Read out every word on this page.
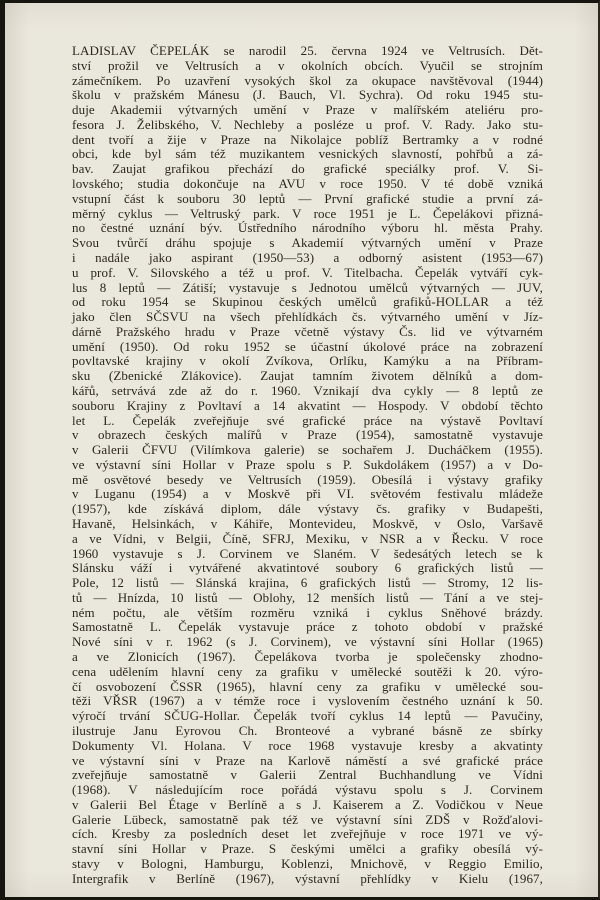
LADISLAV ČEPELÁK se narodil 25. června 1924 ve Veltrusích. Dět-
ství prožil ve Veltrusích a v okolních obcích. Vyučil se strojním
zámečníkem. Po uzavření vysokých škol za okupace navštěvoval (1944)
školu v pražském Mánesu (J. Bauch, Vl. Sychra). Od roku 1945 stu-
duje Akademii výtvarných umění v Praze v malířském ateliéru pro-
fesora J. Želibského, V. Nechleby a posléze u prof. V. Rady. Jako stu-
dent tvoří a žije v Praze na Nikolajce poblíž Bertramky a v rodné
obci, kde byl sám též muzikantem vesnických slavností, pohřbů a zá-
bav. Zaujat grafikou přechází do grafické speciálky prof. V. Si-
lovského; studia dokončuje na AVU v roce 1950. V té době vzniká
vstupní část k souboru 30 leptů — První grafické studie a první zá-
měrný cyklus — Veltruský park. V roce 1951 je L. Čepelákovi přizná-
no čestné uznání býv. Ústředního národního výboru hl. města Prahy.
Svou tvůrčí dráhu spojuje s Akademií výtvarných umění v Praze
i nadále jako aspirant (1950—53) a odborný asistent (1953—67)
u prof. V. Silovského a též u prof. V. Titelbacha. Čepelák vytváří cyk-
lus 8 leptů — Zátiší; vystavuje s Jednotou umělců výtvarných — JUV,
od roku 1954 se Skupinou českých umělců grafiků-HOLLAR a též
jako člen SČSVU na všech přehlídkách čs. výtvarného umění v Jíz-
dárně Pražského hradu v Praze včetně výstavy Čs. lid ve výtvarném
umění (1950). Od roku 1952 se účastní úkolové práce na zobrazení
povltavské krajiny v okolí Zvíkova, Orlíku, Kamýku a na Příbram-
sku (Zbenické Zlákovice). Zaujat tamním životem dělníků a dom-
kářů, setrvává zde až do r. 1960. Vznikají dva cykly — 8 leptů ze
souboru Krajiny z Povltaví a 14 akvatint — Hospody. V období těchto
let L. Čepelák zveřejňuje své grafické práce na výstavě Povltaví
v obrazech českých malířů v Praze (1954), samostatně vystavuje
v Galerii ČFVU (Vilímkova galerie) se sochařem J. Ducháčkem (1955).
ve výstavní síni Hollar v Praze spolu s P. Sukdolákem (1957) a v Do-
mě osvětové besedy ve Veltrusích (1959). Obesílá i výstavy grafiky
v Luganu (1954) a v Moskvě při VI. světovém festivalu mládeže
(1957), kde získává diplom, dále výstavy čs. grafiky v Budapešti,
Havaně, Helsinkách, v Káhiře, Montevideu, Moskvě, v Oslo, Varšavě
a ve Vídni, v Belgii, Číně, SFRJ, Mexiku, v NSR a v Řecku. V roce
1960 vystavuje s J. Corvinem ve Slaném. V šedesátých letech se k
Slánsku váží i vytvářené akvatintové soubory 6 grafických listů —
Pole, 12 listů — Slánská krajina, 6 grafických listů — Stromy, 12 lis-
tů — Hnízda, 10 listů — Oblohy, 12 menších listů — Tání a ve stej-
ném počtu, ale větším rozměru vzniká i cyklus Sněhové brázdy.
Samostatně L. Čepelák vystavuje práce z tohoto období v pražské
Nové síni v r. 1962 (s J. Corvinem), ve výstavní síni Hollar (1965)
a ve Zlonicích (1967). Čepelákova tvorba je společensky zhodno-
cena udělením hlavní ceny za grafiku v umělecké soutěži k 20. výro-
čí osvobození ČSSR (1965), hlavní ceny za grafiku v umělecké sou-
těži VŘSR (1967) a v témže roce i vyslovením čestného uznání k 50.
výročí trvání SČUG-Hollar. Čepelák tvoří cyklus 14 leptů — Pavučiny,
ilustruje Janu Eyrovou Ch. Bronteové a vybrané básně ze sbírky
Dokumenty Vl. Holana. V roce 1968 vystavuje kresby a akvatinty
ve výstavní síni v Praze na Karlově náměstí a své grafické práce
zveřejňuje samostatně v Galerii Zentral Buchhandlung ve Vídni
(1968). V následujícím roce pořádá výstavu spolu s J. Corvinem
v Galerii Bel Étage v Berlíně a s J. Kaiserem a Z. Vodičkou v Neue
Galerie Lübeck, samostatně pak též ve výstavní síni ZDŠ v Rožďalovi-
cích. Kresby za posledních deset let zveřejňuje v roce 1971 ve vý-
stavní síni Hollar v Praze. S českými umělci a grafiky obesílá vý-
stavy v Bologni, Hamburgu, Koblenzi, Mnichově, v Reggio Emilio,
Intergrafik v Berlíně (1967), výstavní přehlídky v Kielu (1967,
